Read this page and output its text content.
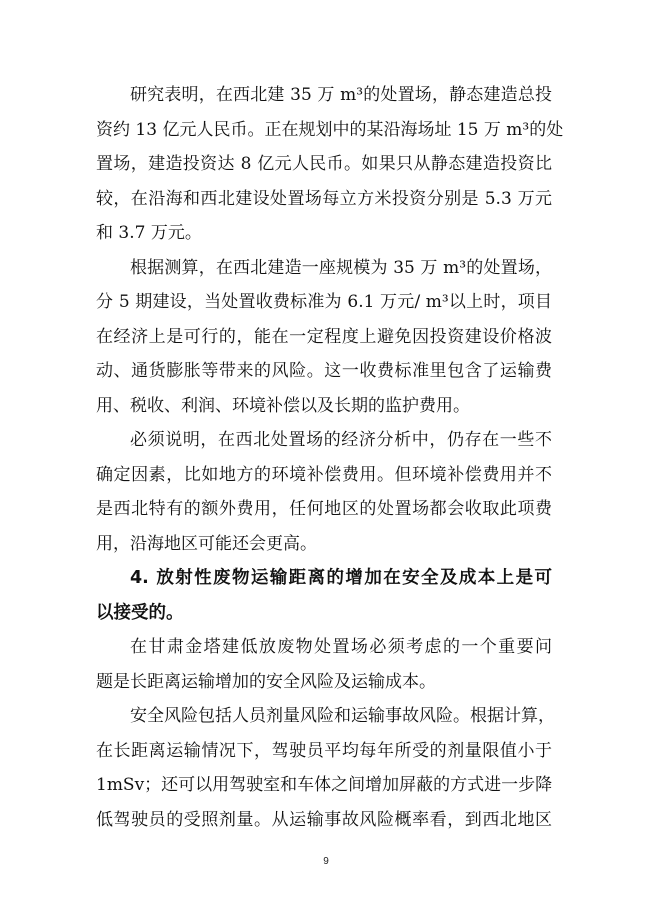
研究表明，在西北建 35 万 m³的处置场，静态建造总投
资约 13 亿元人民币。正在规划中的某沿海场址 15 万 m³的处
置场，建造投资达 8 亿元人民币。如果只从静态建造投资比
较，在沿海和西北建设处置场每立方米投资分别是 5.3 万元
和 3.7 万元。
根据测算，在西北建造一座规模为 35 万 m³的处置场，
分 5 期建设，当处置收费标准为 6.1 万元/ m³以上时，项目
在经济上是可行的，能在一定程度上避免因投资建设价格波
动、通货膨胀等带来的风险。这一收费标准里包含了运输费
用、税收、利润、环境补偿以及长期的监护费用。
必须说明，在西北处置场的经济分析中，仍存在一些不
确定因素，比如地方的环境补偿费用。但环境补偿费用并不
是西北特有的额外费用，任何地区的处置场都会收取此项费
用，沿海地区可能还会更高。
4. 放射性废物运输距离的增加在安全及成本上是可
以接受的。
在甘肃金塔建低放废物处置场必须考虑的一个重要问
题是长距离运输增加的安全风险及运输成本。
安全风险包括人员剂量风险和运输事故风险。根据计算，
在长距离运输情况下，驾驶员平均每年所受的剂量限值小于
1mSv；还可以用驾驶室和车体之间增加屏蔽的方式进一步降
低驾驶员的受照剂量。从运输事故风险概率看，到西北地区
9
